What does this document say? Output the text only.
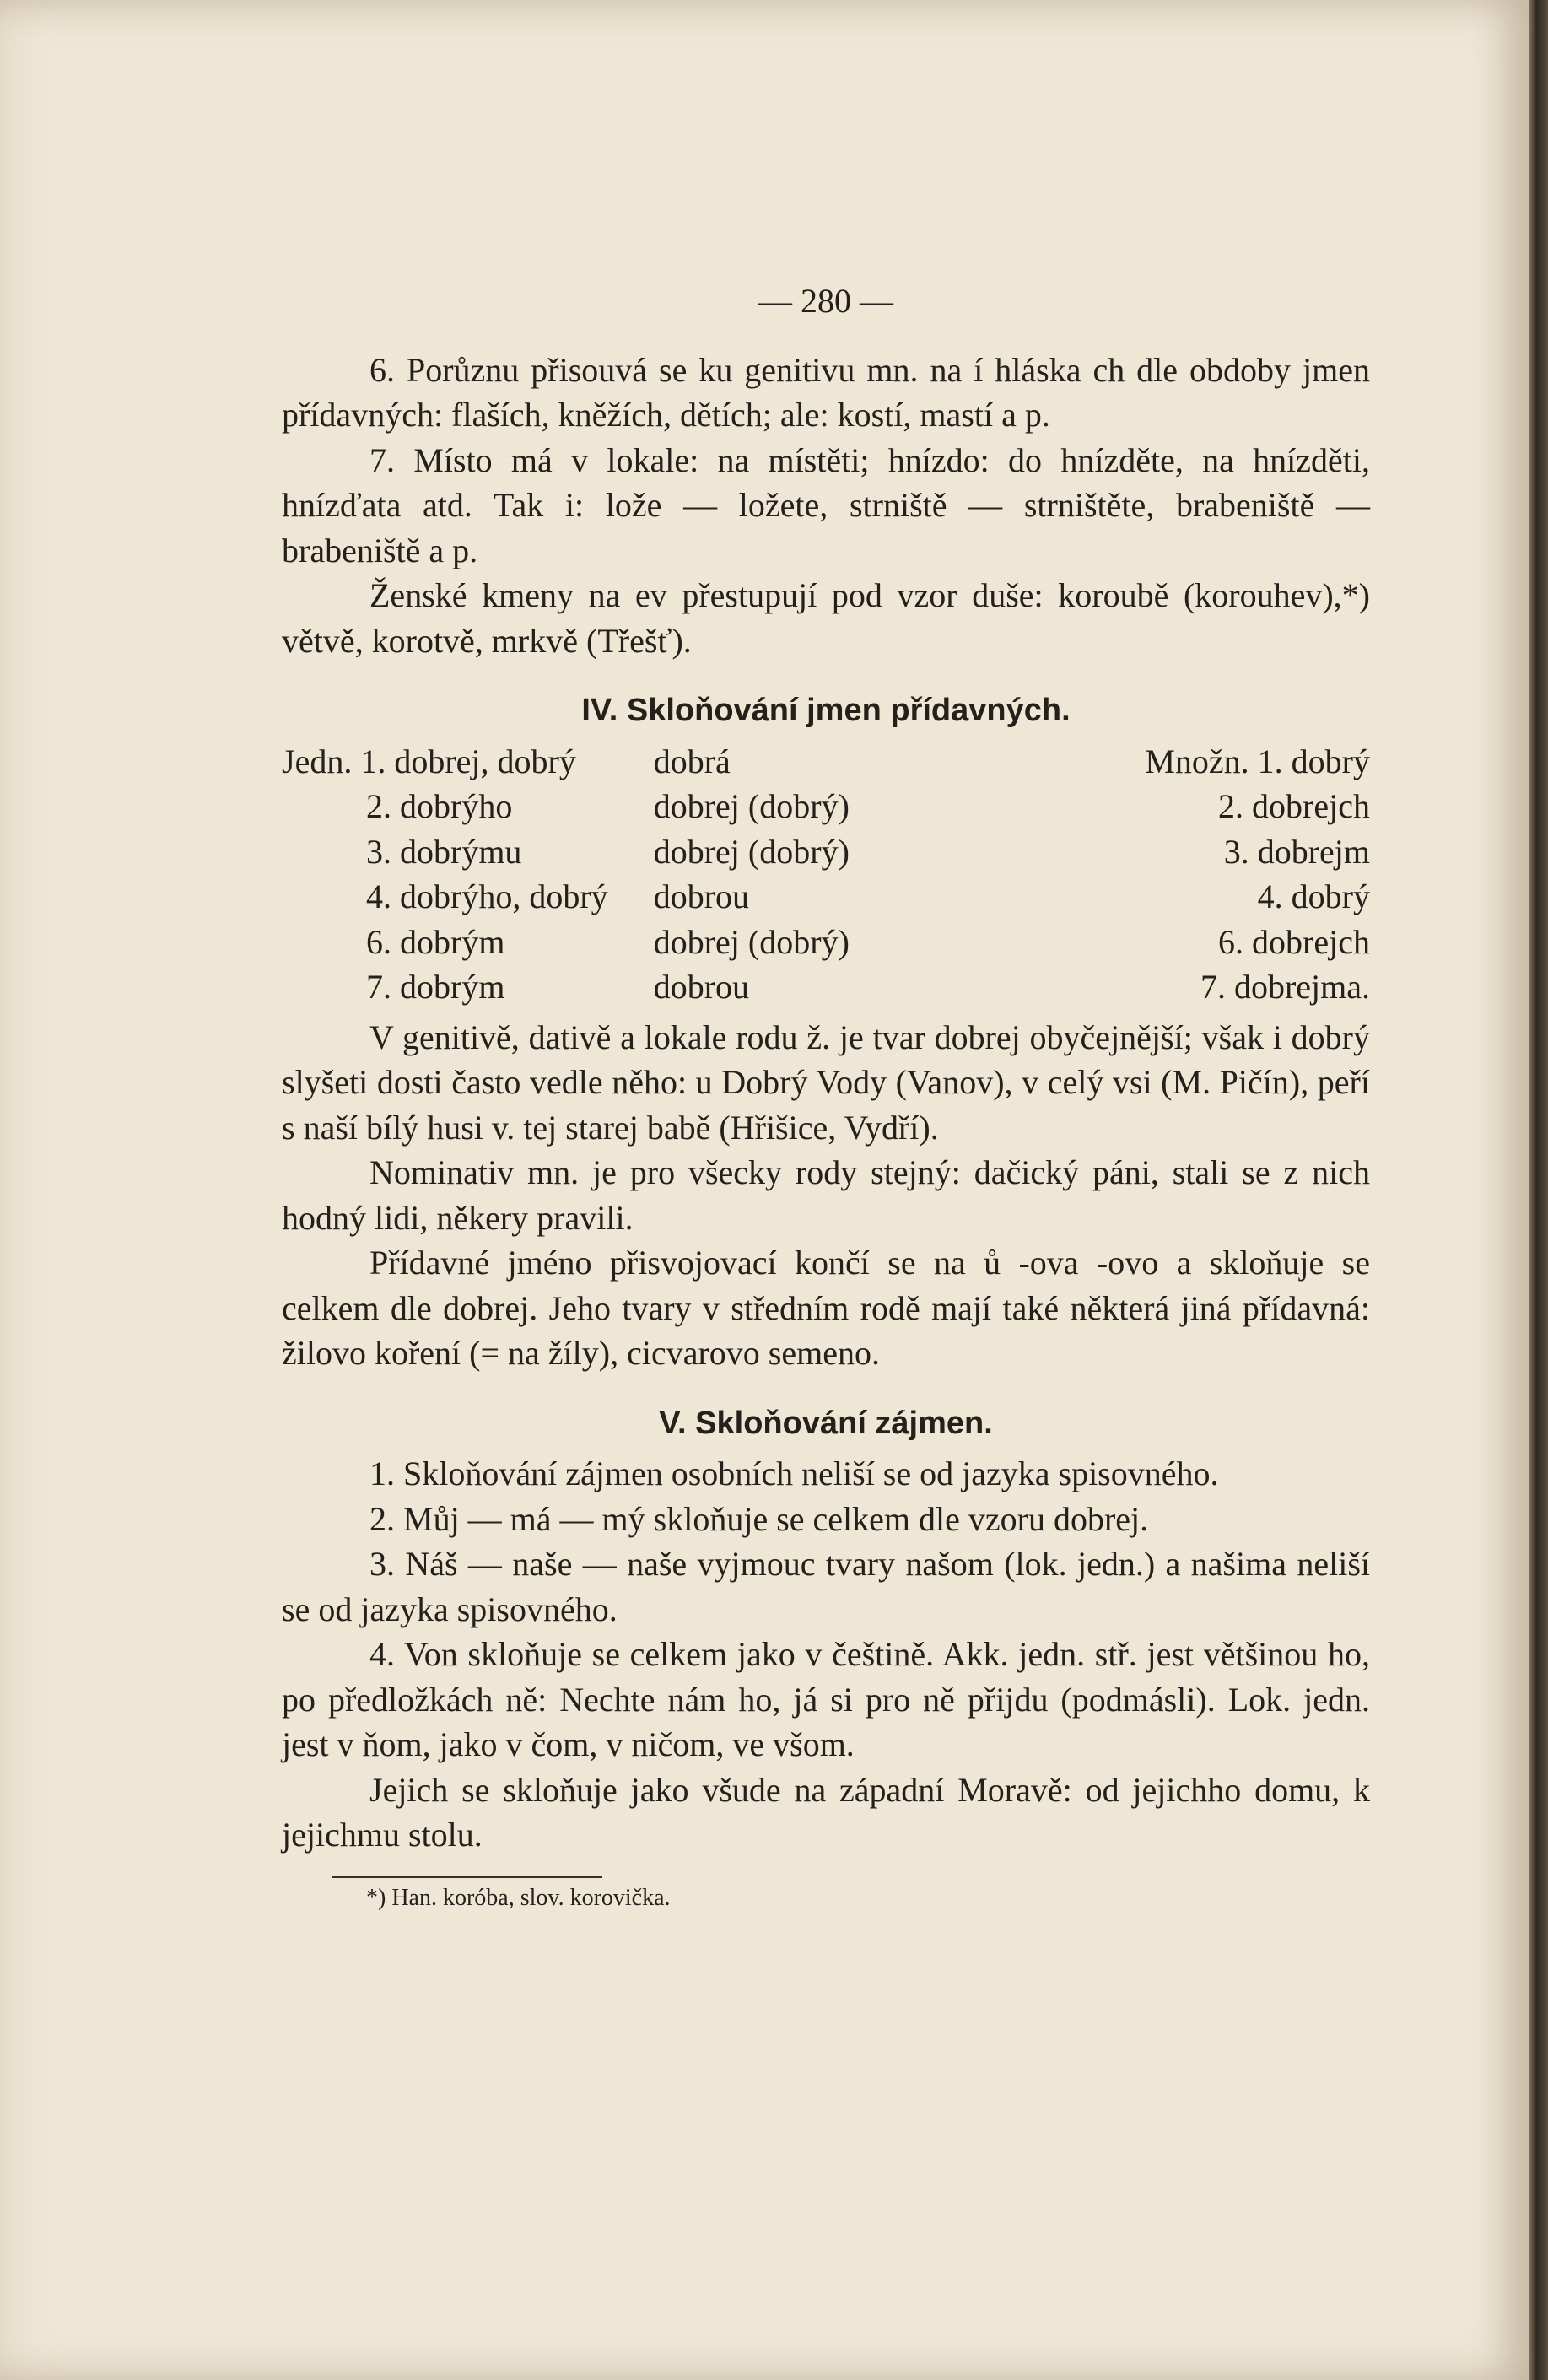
— 280 —

6. Porůznu přisouvá se ku genitivu mn. na í hláska ch dle obdoby jmen přídavných: flaších, kněžích, dětích; ale: kostí, mastí a p.

7. Místo má v lokale: na místěti; hnízdo: do hnízděte, na hnízděti, hnízďata atd. Tak i: lože — ložete, strniště — strništěte, brabeniště — brabeniště a p.

Ženské kmeny na ev přestupují pod vzor duše: koroubě (korouhev),*) větvě, korotvě, mrkvě (Třešť).

IV. Skloňování jmen přídavných.
Jedn. 1. dobrej, dobrý	dobrá	Množn. 1. dobrý
2. dobrýho	dobrej (dobrý)	2. dobrejch
3. dobrýmu	dobrej (dobrý)	3. dobrejm
4. dobrýho, dobrý	dobrou	4. dobrý
6. dobrým	dobrej (dobrý)	6. dobrejch
7. dobrým	dobrou	7. dobrejma.

V genitivě, dativě a lokale rodu ž. je tvar dobrej obyčejnější; však i dobrý slyšeti dosti často vedle něho: u Dobrý Vody (Vanov), v celý vsi (M. Pičín), peří s naší bílý husi v. tej starej babě (Hřišice, Vydří).

Nominativ mn. je pro všecky rody stejný: dačický páni, stali se z nich hodný lidi, někery pravili.

Přídavné jméno přisvojovací končí se na ů -ova -ovo a skloňuje se celkem dle dobrej. Jeho tvary v středním rodě mají také některá jiná přídavná: žilovo koření (= na žíly), cicvarovo semeno.

V. Skloňování zájmen.

1. Skloňování zájmen osobních neliší se od jazyka spisovného.

2. Můj — má — mý skloňuje se celkem dle vzoru dobrej.

3. Náš — naše — naše vyjmouc tvary našom (lok. jedn.) a našima neliší se od jazyka spisovného.

4. Von skloňuje se celkem jako v češtině. Akk. jedn. stř. jest většinou ho, po předložkách ně: Nechte nám ho, já si pro ně přijdu (podmásli). Lok. jedn. jest v ňom, jako v čom, v ničom, ve všom.

Jejich se skloňuje jako všude na západní Moravě: od jejichho domu, k jejichmu stolu.

*) Han. koróba, slov. korovička.
